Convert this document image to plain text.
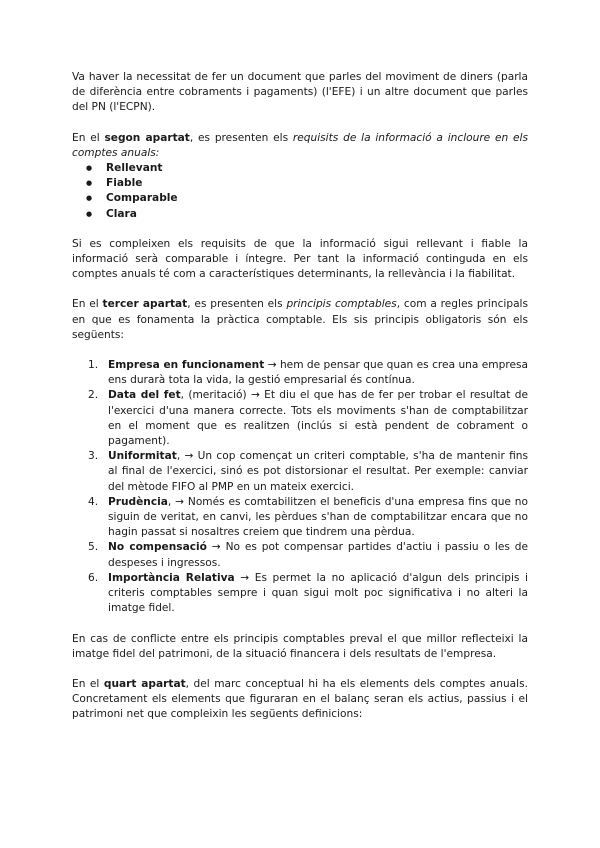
Va haver la necessitat de fer un document que parles del moviment de diners (parla de diferència entre cobraments i pagaments) (l'EFE) i un altre document que parles del PN (l'ECPN).

En el segon apartat, es presenten els requisits de la informació a incloure en els comptes anuals:

● Rellevant
● Fiable
● Comparable
● Clara

Si es compleixen els requisits de que la informació sigui rellevant i fiable la informació serà comparable i íntegre. Per tant la informació continguda en els comptes anuals té com a característiques determinants, la rellevància i la fiabilitat.

En el tercer apartat, es presenten els principis comptables, com a regles principals en que es fonamenta la pràctica comptable. Els sis principis obligatoris són els següents:

1. Empresa en funcionament → hem de pensar que quan es crea una empresa ens durarà tota la vida, la gestió empresarial és contínua.
2. Data del fet, (meritació) → Et diu el que has de fer per trobar el resultat de l'exercici d'una manera correcte. Tots els moviments s'han de comptabilitzar en el moment que es realitzen (inclús si està pendent de cobrament o pagament).
3. Uniformitat, → Un cop començat un criteri comptable, s'ha de mantenir fins al final de l'exercici, sinó es pot distorsionar el resultat. Per exemple: canviar del mètode FIFO al PMP en un mateix exercici.
4. Prudència, → Només es comtabilitzen el beneficis d'una empresa fins que no siguin de veritat, en canvi, les pèrdues s'han de comptabilitzar encara que no hagin passat si nosaltres creiem que tindrem una pèrdua.
5. No compensació → No es pot compensar partides d'actiu i passiu o les de despeses i ingressos.
6. Importància Relativa → Es permet la no aplicació d'algun dels principis i criteris comptables sempre i quan sigui molt poc significativa i no alteri la imatge fidel.

En cas de conflicte entre els principis comptables preval el que millor reflecteixi la imatge fidel del patrimoni, de la situació financera i dels resultats de l'empresa.

En el quart apartat, del marc conceptual hi ha els elements dels comptes anuals. Concretament els elements que figuraran en el balanç seran els actius, passius i el patrimoni net que compleixin les següents definicions:
